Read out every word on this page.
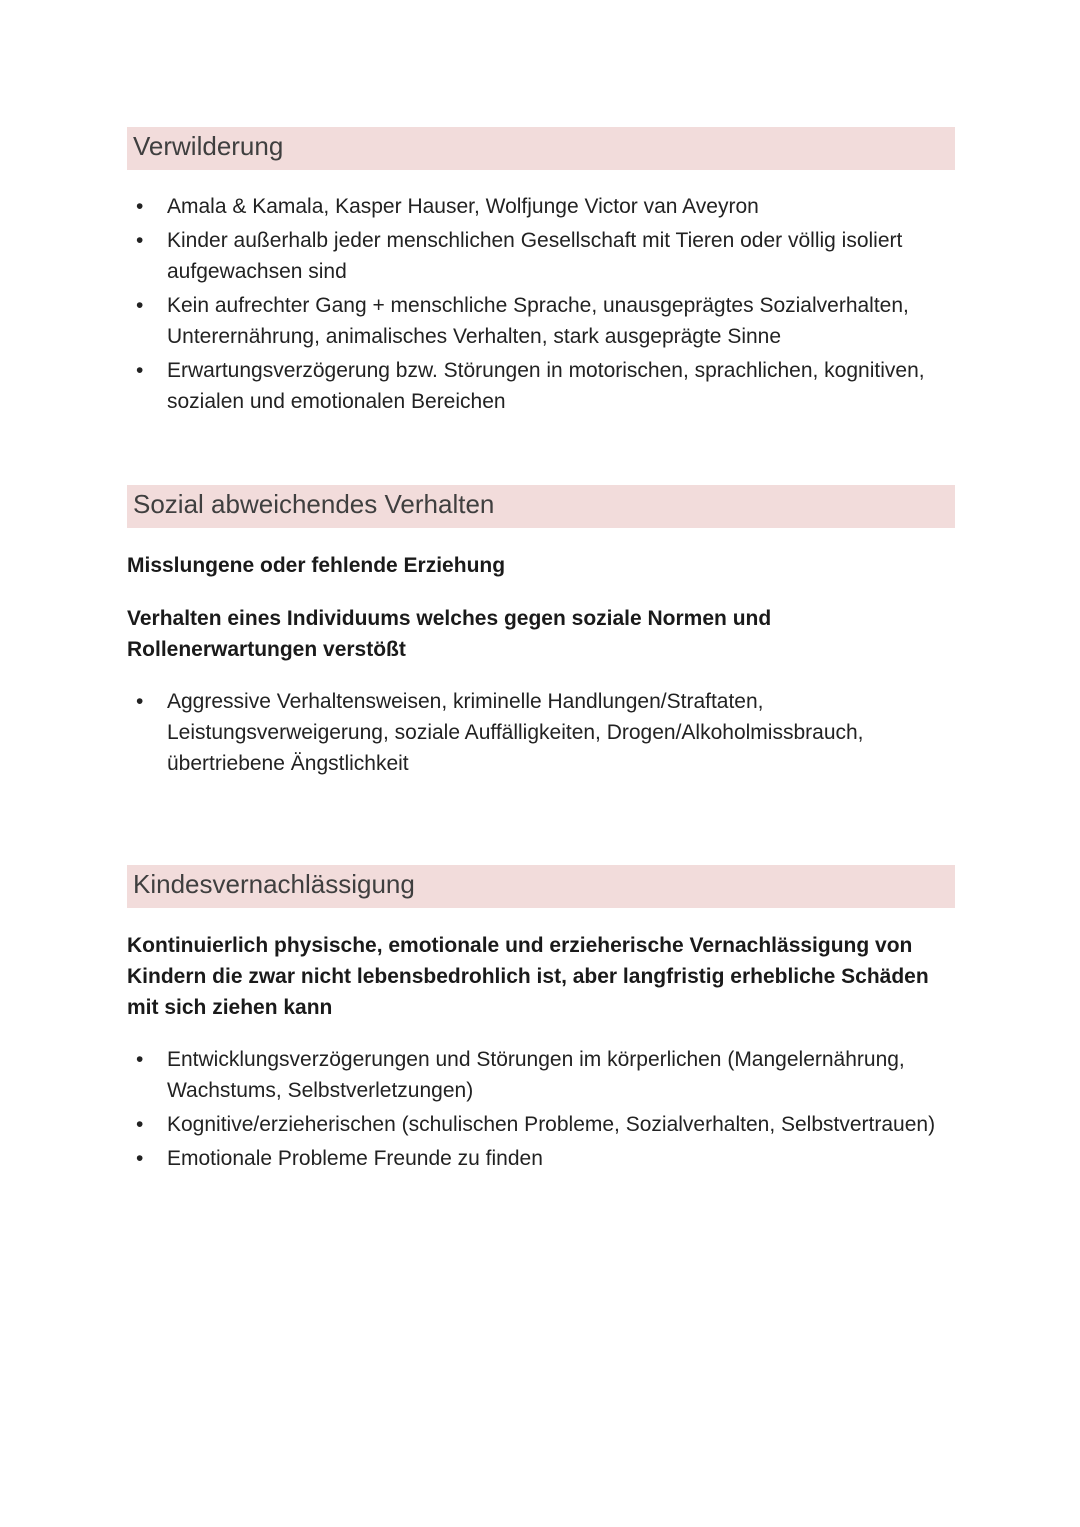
Verwilderung
• Amala & Kamala, Kasper Hauser, Wolfjunge Victor van Aveyron
• Kinder außerhalb jeder menschlichen Gesellschaft mit Tieren oder völlig isoliert aufgewachsen sind
• Kein aufrechter Gang + menschliche Sprache, unausgeprägtes Sozialverhalten, Unterernährung, animalisches Verhalten, stark ausgeprägte Sinne
• Erwartungsverzögerung bzw. Störungen in motorischen, sprachlichen, kognitiven, sozialen und emotionalen Bereichen
Sozial abweichendes Verhalten

Misslungene oder fehlende Erziehung

Verhalten eines Individuums welches gegen soziale Normen und Rollenerwartungen verstößt

• Aggressive Verhaltensweisen, kriminelle Handlungen/Straftaten, Leistungsverweigerung, soziale Auffälligkeiten, Drogen/Alkoholmissbrauch, übertriebene Ängstlichkeit
Kindesvernachlässigung

Kontinuierlich physische, emotionale und erzieherische Vernachlässigung von Kindern die zwar nicht lebensbedrohlich ist, aber langfristig erhebliche Schäden mit sich ziehen kann

• Entwicklungsverzögerungen und Störungen im körperlichen (Mangelernährung, Wachstums, Selbstverletzungen)
• Kognitive/erzieherischen (schulischen Probleme, Sozialverhalten, Selbstvertrauen)
• Emotionale Probleme Freunde zu finden
